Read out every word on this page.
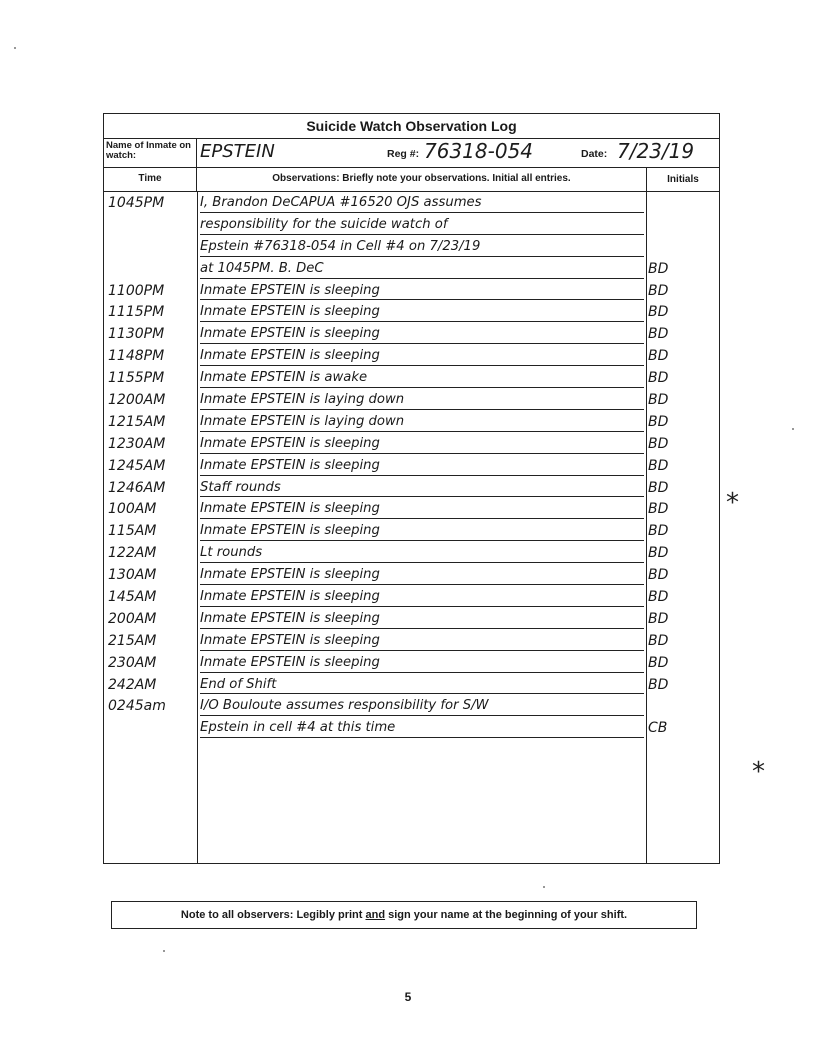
Suicide Watch Observation Log
Name of Inmate on watch:	EPSTEIN	Reg #: 76318-054	Date: 7/23/19
Time	Observations: Briefly note your observations. Initial all entries.	Initials
1045PM	I, Brandon DeCAPUA #16520 OJS assumes
responsibility for the suicide watch of
Epstein #76318-054 in Cell #4 on 7/23/19
at 1045PM. B. DeC	BD
1100PM	Inmate EPSTEIN is sleeping	BD
1115PM	Inmate EPSTEIN is sleeping	BD
1130PM	Inmate EPSTEIN is sleeping	BD
1148PM	Inmate EPSTEIN is sleeping	BD
1155PM	Inmate EPSTEIN is awake	BD
1200AM	Inmate EPSTEIN is laying down	BD
1215AM	Inmate EPSTEIN is laying down	BD
1230AM	Inmate EPSTEIN is sleeping	BD
1245AM	Inmate EPSTEIN is sleeping	BD
1246AM	Staff rounds	BD
100AM	Inmate EPSTEIN is sleeping	BD
115AM	Inmate EPSTEIN is sleeping	BD
122AM	Lt rounds	BD
130AM	Inmate EPSTEIN is sleeping	BD
145AM	Inmate EPSTEIN is sleeping	BD
200AM	Inmate EPSTEIN is sleeping	BD
215AM	Inmate EPSTEIN is sleeping	BD
230AM	Inmate EPSTEIN is sleeping	BD
242AM	End of Shift	BD
0245am	I/O Bouloute assumes responsibility for S/W
Epstein in cell #4 at this time	CB
*
*
Note to all observers: Legibly print and sign your name at the beginning of your shift.
5
